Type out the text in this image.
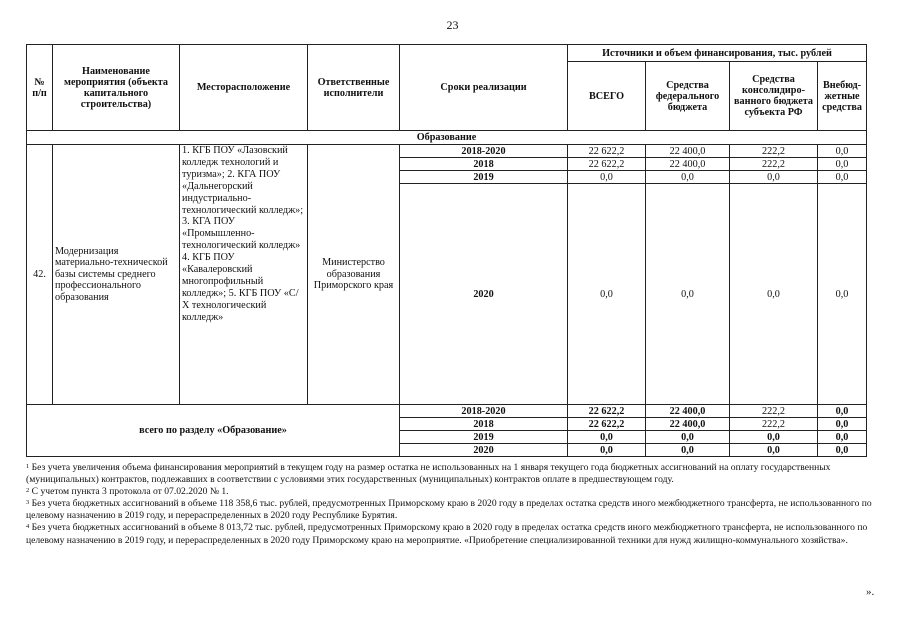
23
№ п/п	Наименование мероприятия (объекта капитального строительства)	Месторасположение	Ответственные исполнители	Сроки реализации	Источники и объем финансирования, тыс. рублей			
					ВСЕГО	Средства федерального бюджета	Средства консолидиро-ванного бюджета субъекта РФ	Внебюд-жетные средства
Образование								
42.	Модернизация материально-технической базы системы среднего профессионального образования	1. КГБ ПОУ «Лазовский колледж технологий и туризма»; 2. КГА ПОУ «Дальнегорский индустриально-технологический колледж»; 3. КГА ПОУ «Промышленно-технологический колледж» 4. КГБ ПОУ «Кавалеровский многопрофильный колледж»; 5. КГБ ПОУ «С/Х технологический колледж»	Министерство образования Приморского края	2018-2020	22 622,2	22 400,0	222,2	0,0
				2018	22 622,2	22 400,0	222,2	0,0
				2019	0,0	0,0	0,0	0,0
				2020	0,0	0,0	0,0	0,0
всего по разделу «Образование»				2018-2020	22 622,2	22 400,0	222,2	0,0
				2018	22 622,2	22 400,0	222,2	0,0
				2019	0,0	0,0	0,0	0,0
				2020	0,0	0,0	0,0	0,0

$^1$ Без учета увеличения объема финансирования мероприятий в текущем году на размер остатка не использованных на 1 января текущего года бюджетных ассигнований на оплату государственных (муниципальных) контрактов, подлежавших в соответствии с условиями этих государственных (муниципальных) контрактов оплате в предшествующем году.

$^2$ С учетом пункта 3 протокола от 07.02.2020 № 1.

$^3$ Без учета бюджетных ассигнований в объеме 118 358,6 тыс. рублей, предусмотренных Приморскому краю в 2020 году в пределах остатка средств иного межбюджетного трансферта, не использованного по целевому назначению в 2019 году, и перераспределенных в 2020 году Республике Бурятия.

$^4$ Без учета бюджетных ассигнований в объеме 8 013,72 тыс. рублей, предусмотренных Приморскому краю в 2020 году в пределах остатка средств иного межбюджетного трансферта, не использованного по целевому назначению в 2019 году, и перераспределенных в 2020 году Приморскому краю на мероприятие. «Приобретение специализированной техники для нужд жилищно-коммунального хозяйства».

».
